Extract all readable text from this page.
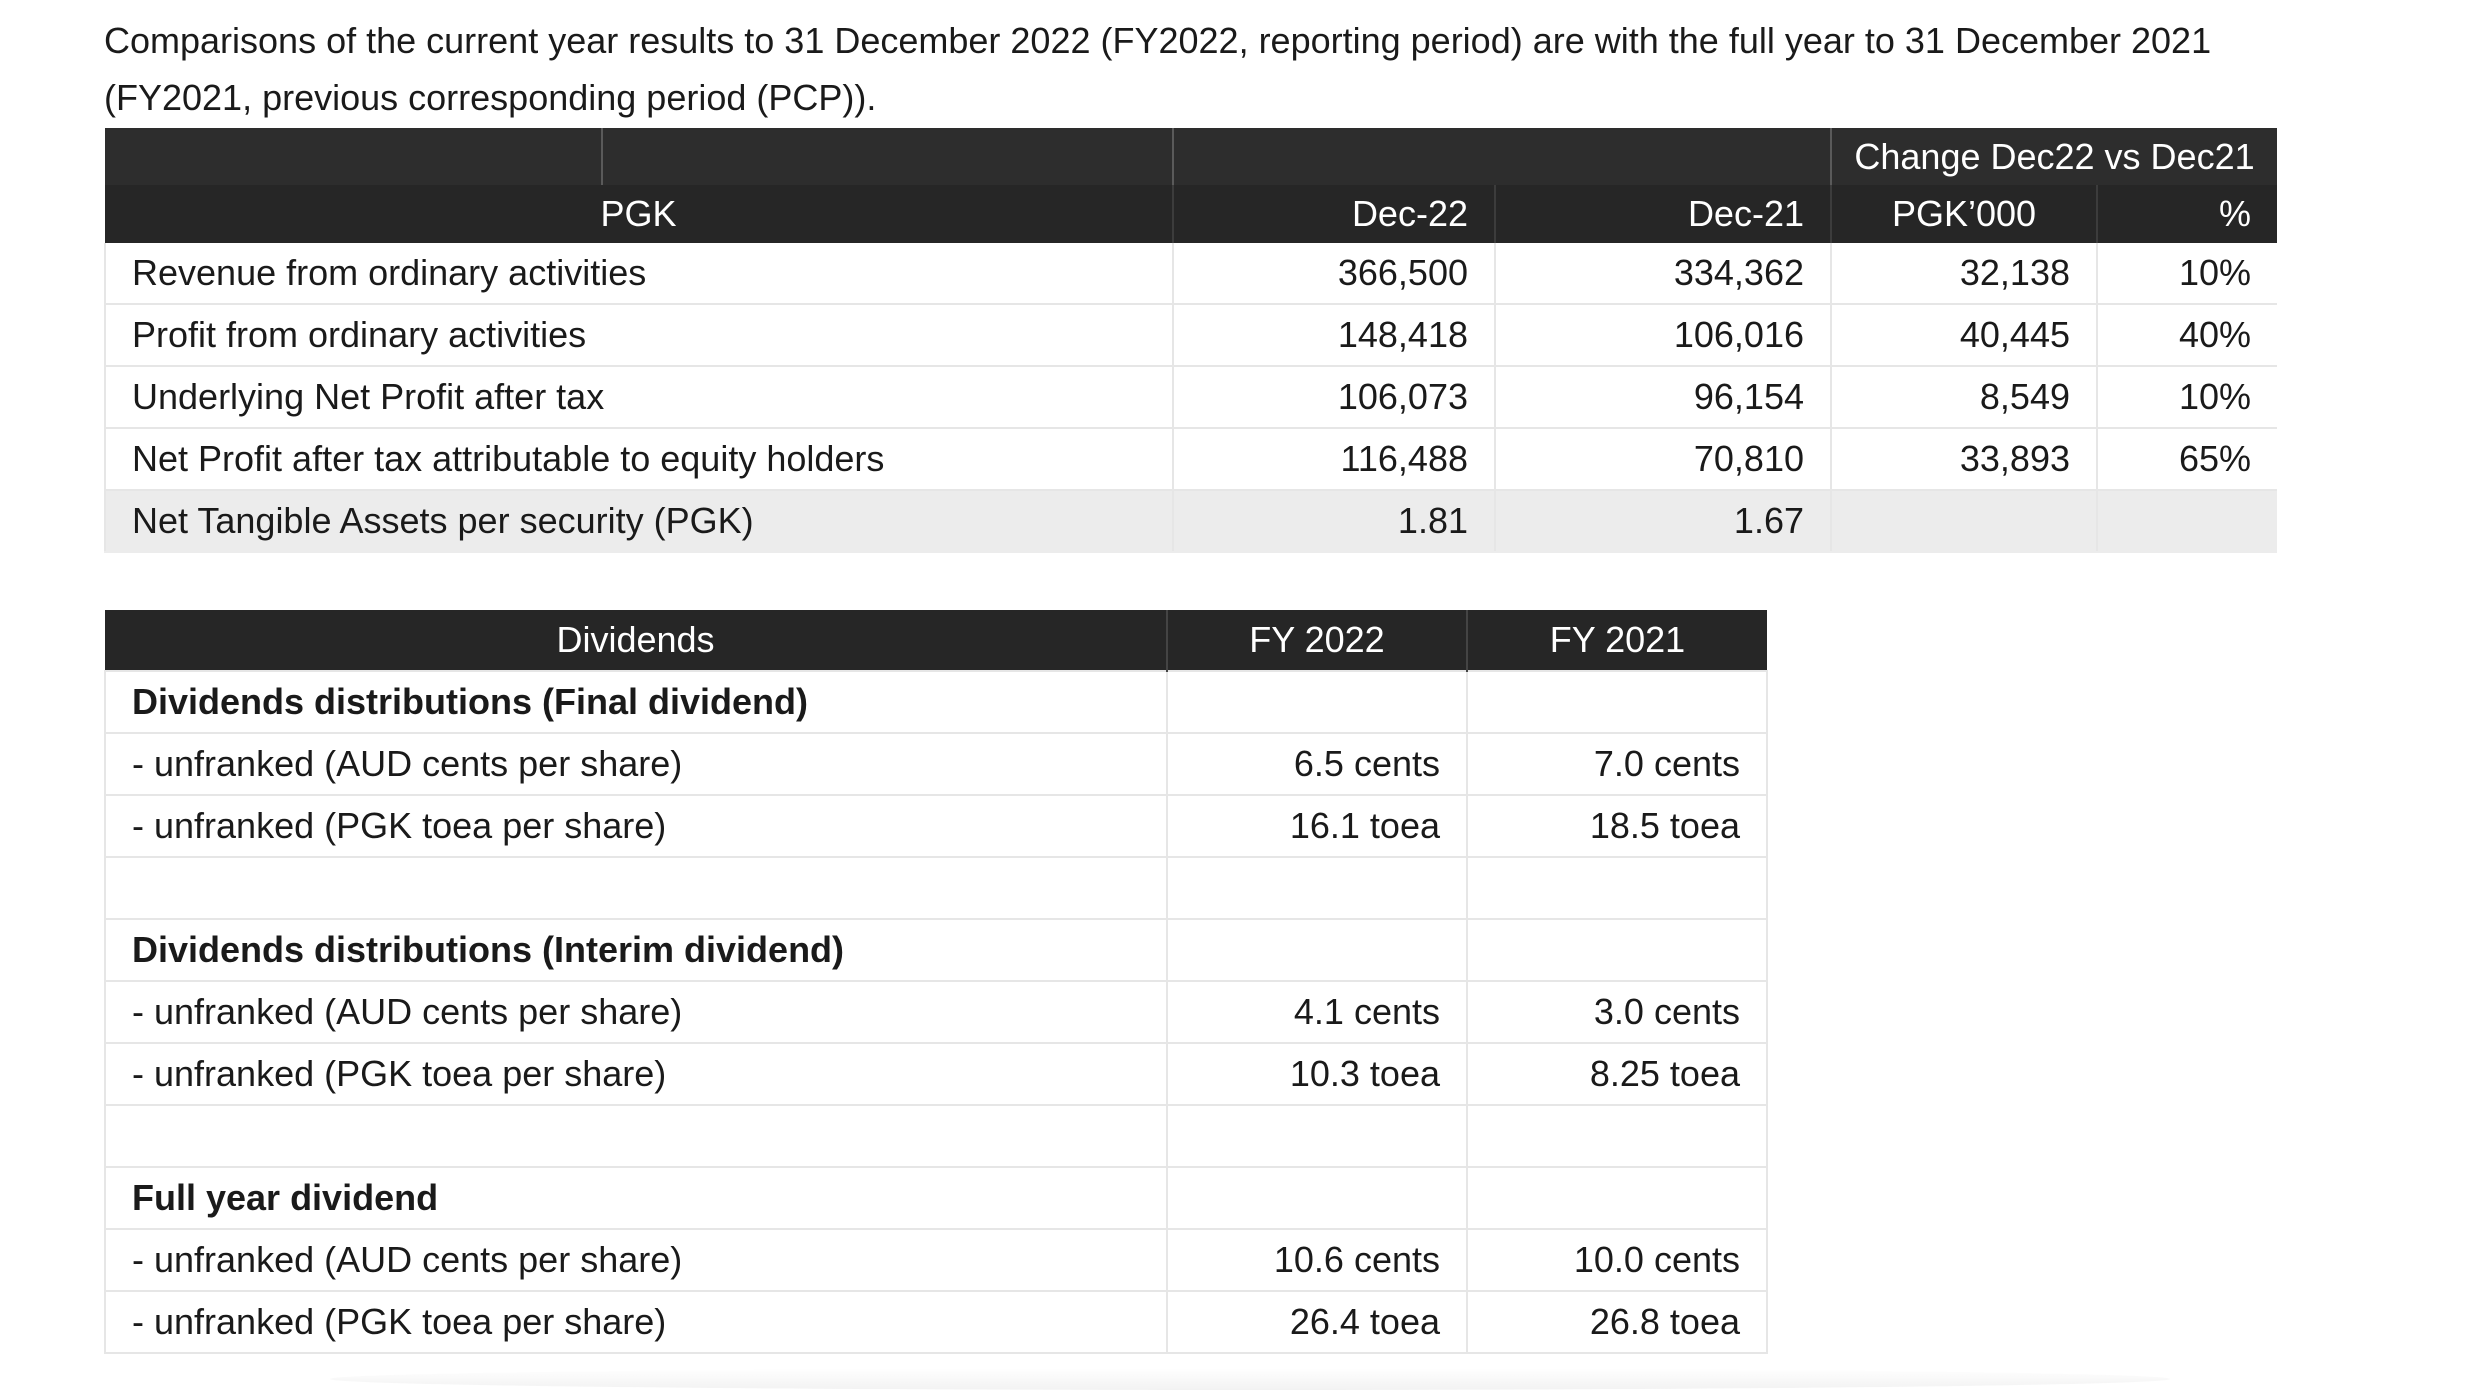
Comparisons of the current year results to 31 December 2022 (FY2022, reporting period) are with the full year to 31 December 2021
(FY2021, previous corresponding period (PCP)).
			Change Dec22 vs Dec21	
PGK	Dec-22	Dec-21	PGK’000	%
Revenue from ordinary activities	366,500	334,362	32,138	10%
Profit from ordinary activities	148,418	106,016	40,445	40%
Underlying Net Profit after tax	106,073	96,154	8,549	10%
Net Profit after tax attributable to equity holders	116,488	70,810	33,893	65%
Net Tangible Assets per security (PGK)	1.81	1.67		
Dividends	FY 2022	FY 2021
Dividends distributions (Final dividend)		
- unfranked (AUD cents per share)	6.5 cents	7.0 cents
- unfranked (PGK toea per share)	16.1 toea	18.5 toea

Dividends distributions (Interim dividend)		
- unfranked (AUD cents per share)	4.1 cents	3.0 cents
- unfranked (PGK toea per share)	10.3 toea	8.25 toea

Full year dividend		
- unfranked (AUD cents per share)	10.6 cents	10.0 cents
- unfranked (PGK toea per share)	26.4 toea	26.8 toea
